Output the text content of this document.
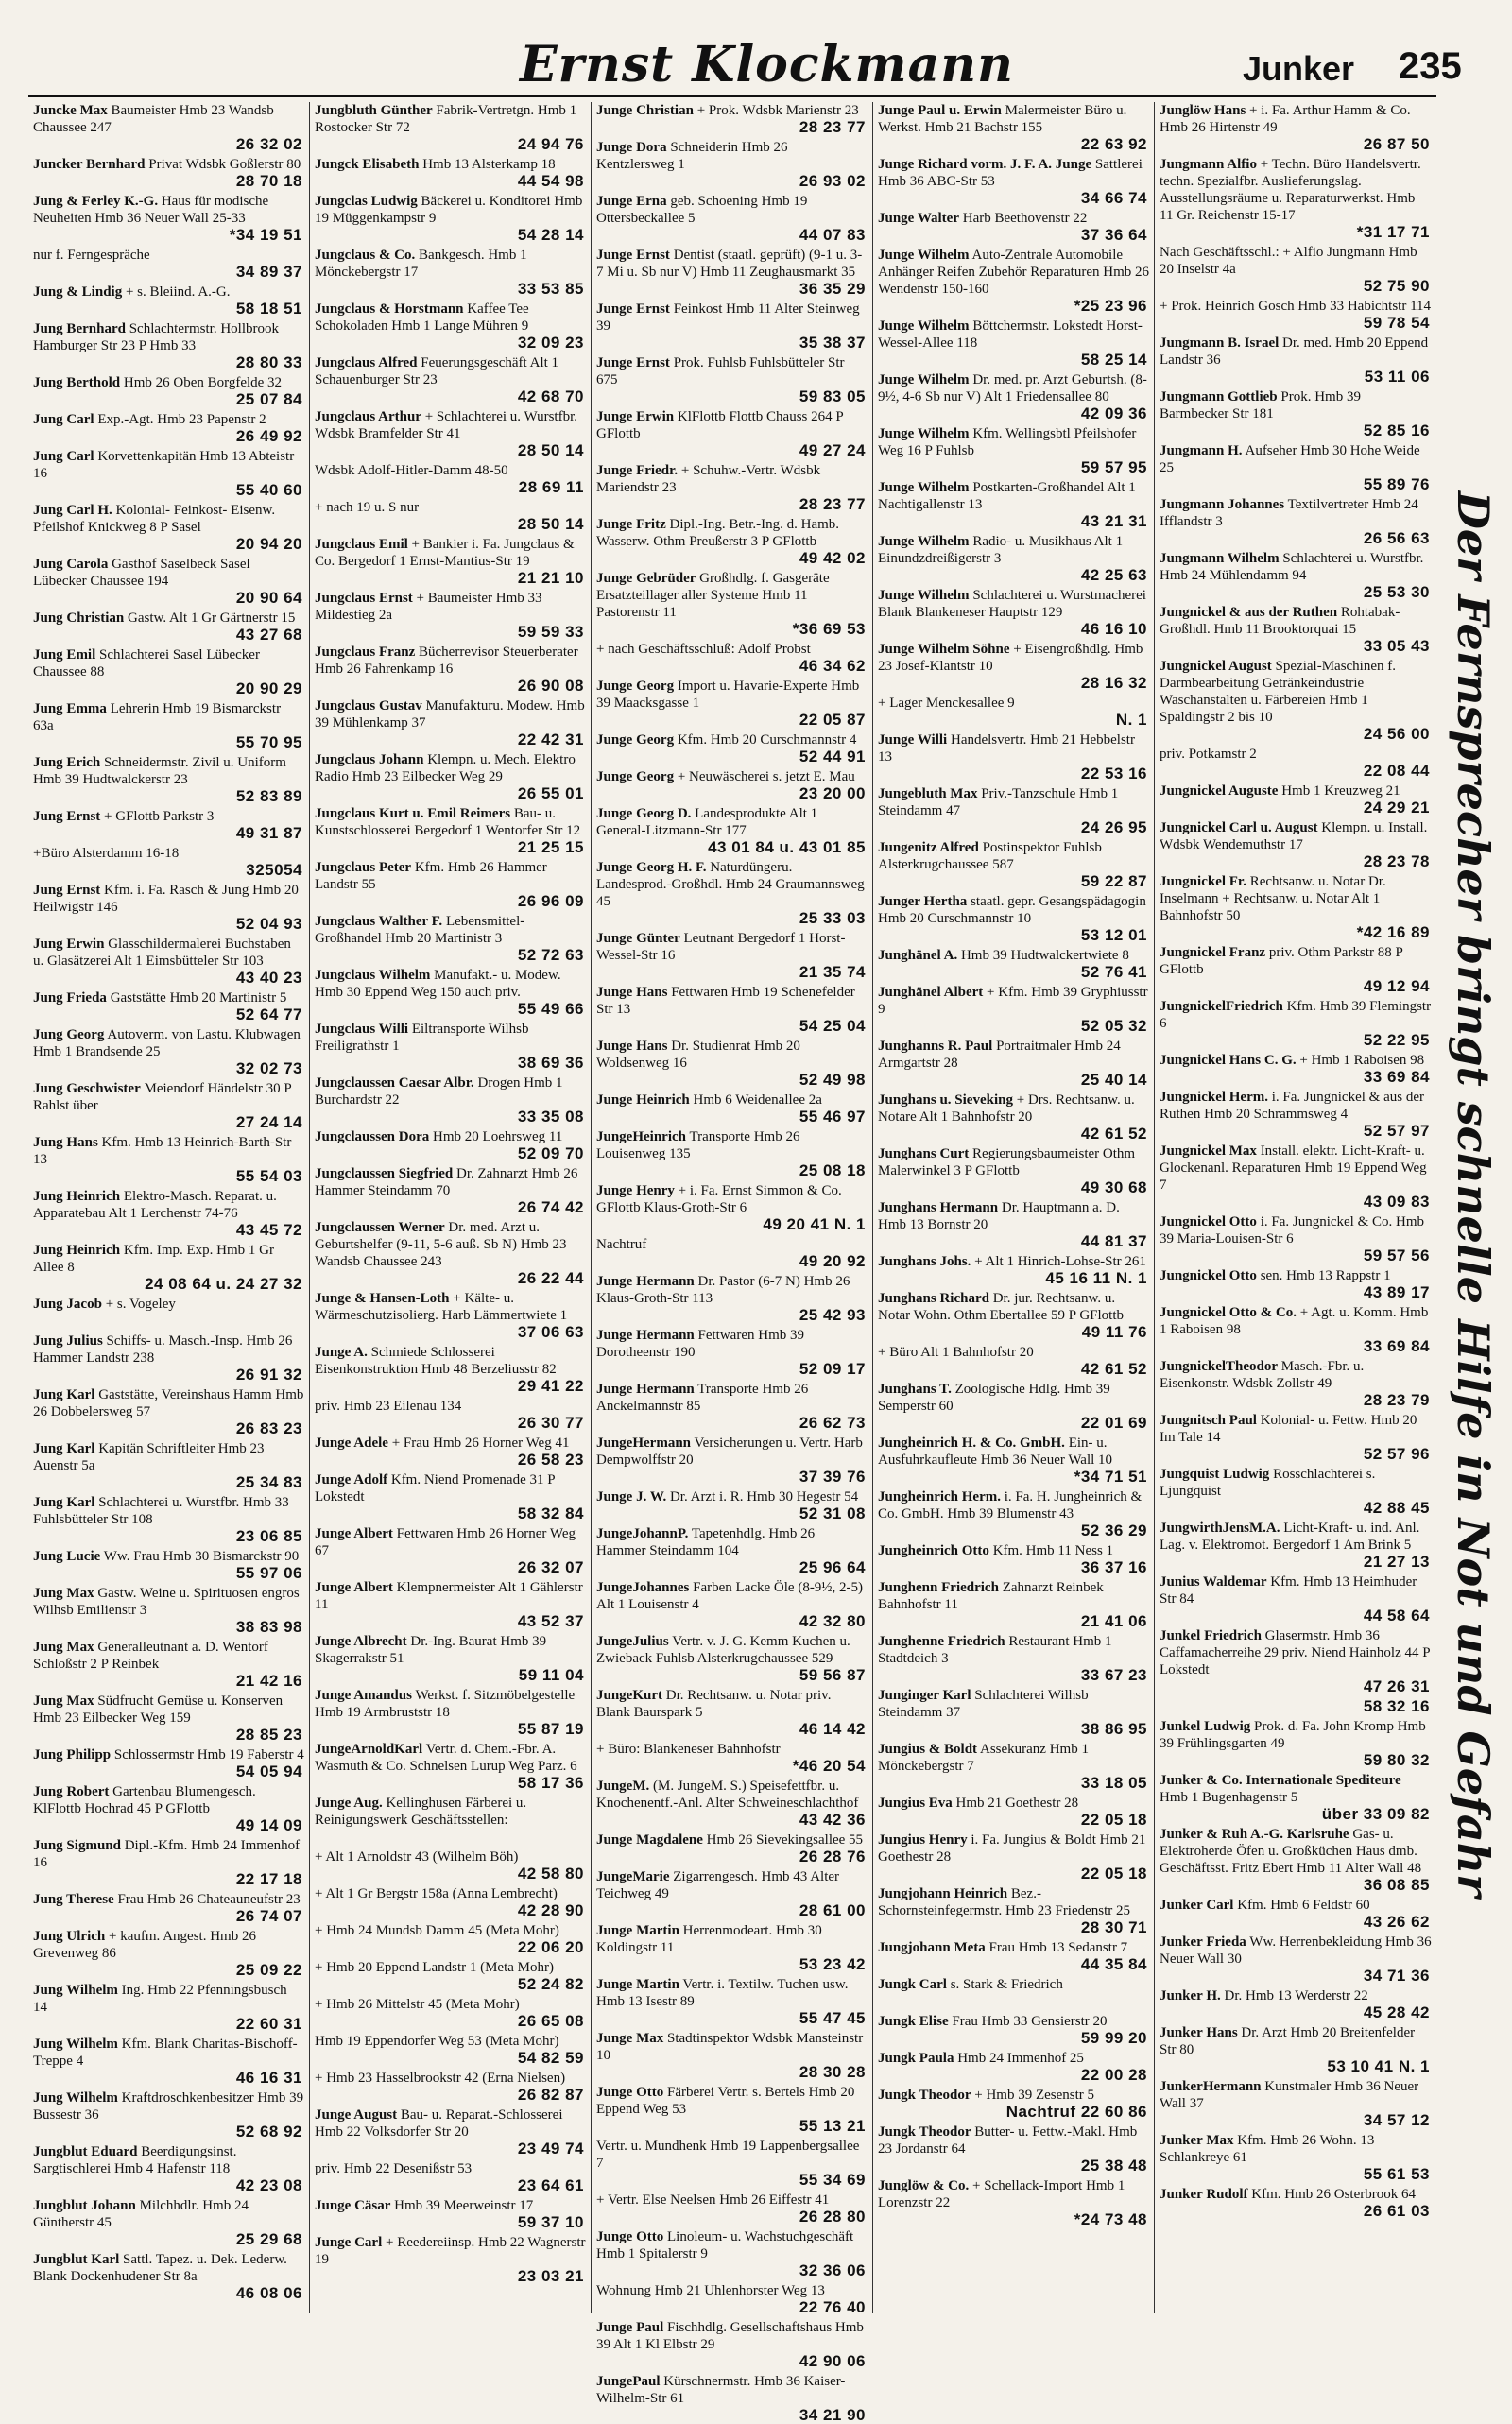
Ernst Klockmann	Junker 235
Juncke Max Baumeister Hmb 23 Wandsb Chaussee 247
26 32 02
Juncker Bernhard Privat Wdsbk Goßlerstr 80
28 70 18
Jung & Ferley K.-G. Haus für modische Neuheiten Hmb 36 Neuer Wall 25-33
*34 19 51
nur f. Ferngespräche
34 89 37
Jung & Lindig + s. Bleiind. A.-G.
58 18 51
Jung Bernhard Schlachtermstr. Hollbrook Hamburger Str 23 P Hmb 33
28 80 33
Jung Berthold Hmb 26 Oben Borgfelde 32
25 07 84
Jung Carl Exp.-Agt. Hmb 23 Papenstr 2
26 49 92
Jung Carl Korvettenkapitän Hmb 13 Abteistr 16
55 40 60
Jung Carl H. Kolonial- Feinkost- Eisenw. Pfeilshof Knickweg 8 P Sasel
20 94 20
Jung Carola Gasthof Saselbeck Sasel Lübecker Chaussee 194
20 90 64
Jung Christian Gastw. Alt 1 Gr Gärtnerstr 15
43 27 68
Jung Emil Schlachterei Sasel Lübecker Chaussee 88
20 90 29
Jung Emma Lehrerin Hmb 19 Bismarckstr 63a
55 70 95
Jung Erich Schneidermstr. Zivil u. Uniform Hmb 39 Hudtwalckerstr 23
52 83 89
Jung Ernst + GFlottb Parkstr 3
49 31 87
+Büro Alsterdamm 16-18
325054
Jung Ernst Kfm. i. Fa. Rasch & Jung Hmb 20 Heilwigstr 146
52 04 93
Jung Erwin Glasschildermalerei Buchstaben u. Glasätzerei Alt 1 Eimsbütteler Str 103
43 40 23
Jung Frieda Gaststätte Hmb 20 Martinistr 5
52 64 77
Jung Georg Autoverm. von Lastu. Klubwagen Hmb 1 Brandsende 25
32 02 73
Jung Geschwister Meiendorf Händelstr 30 P Rahlst über
27 24 14
Jung Hans Kfm. Hmb 13 Heinrich-Barth-Str 13
55 54 03
Jung Heinrich Elektro-Masch. Reparat. u. Apparatebau Alt 1 Lerchenstr 74-76
43 45 72
Jung Heinrich Kfm. Imp. Exp. Hmb 1 Gr Allee 8
24 08 64 u. 24 27 32
Jung Jacob + s. Vogeley
Jung Julius Schiffs- u. Masch.-Insp. Hmb 26 Hammer Landstr 238
26 91 32
Jung Karl Gaststätte, Vereinshaus Hamm Hmb 26 Dobbelersweg 57
26 83 23
Jung Karl Kapitän Schriftleiter Hmb 23 Auenstr 5a
25 34 83
Jung Karl Schlachterei u. Wurstfbr. Hmb 33 Fuhlsbütteler Str 108
23 06 85
Jung Lucie Ww. Frau Hmb 30 Bismarckstr 90
55 97 06
Jung Max Gastw. Weine u. Spirituosen engros Wilhsb Emilienstr 3
38 83 98
Jung Max Generalleutnant a. D. Wentorf Schloßstr 2 P Reinbek
21 42 16
Jung Max Südfrucht Gemüse u. Konserven Hmb 23 Eilbecker Weg 159
28 85 23
Jung Philipp Schlossermstr Hmb 19 Faberstr 4
54 05 94
Jung Robert Gartenbau Blumengesch. KlFlottb Hochrad 45 P GFlottb
49 14 09
Jung Sigmund Dipl.-Kfm. Hmb 24 Immenhof 16
22 17 18
Jung Therese Frau Hmb 26 Chateauneufstr 23
26 74 07
Jung Ulrich + kaufm. Angest. Hmb 26 Grevenweg 86
25 09 22
Jung Wilhelm Ing. Hmb 22 Pfenningsbusch 14
22 60 31
Jung Wilhelm Kfm. Blank Charitas-Bischoff-Treppe 4
46 16 31
Jung Wilhelm Kraftdroschkenbesitzer Hmb 39 Bussestr 36
52 68 92
Jungblut Eduard Beerdigungsinst. Sargtischlerei Hmb 4 Hafenstr 118
42 23 08
Jungblut Johann Milchhdlr. Hmb 24 Güntherstr 45
25 29 68
Jungblut Karl Sattl. Tapez. u. Dek. Lederw. Blank Dockenhudener Str 8a
46 08 06
Jungbluth Günther Fabrik-Vertretgn. Hmb 1 Rostocker Str 72
24 94 76
Jungck Elisabeth Hmb 13 Alsterkamp 18
44 54 98
Jungclas Ludwig Bäckerei u. Konditorei Hmb 19 Müggenkampstr 9
54 28 14
Jungclaus & Co. Bankgesch. Hmb 1 Mönckebergstr 17
33 53 85
Jungclaus & Horstmann Kaffee Tee Schokoladen Hmb 1 Lange Mühren 9
32 09 23
Jungclaus Alfred Feuerungsgeschäft Alt 1 Schauenburger Str 23
42 68 70
Jungclaus Arthur + Schlachterei u. Wurstfbr. Wdsbk Bramfelder Str 41
28 50 14
Wdsbk Adolf-Hitler-Damm 48-50
28 69 11
+ nach 19 u. S nur
28 50 14
Jungclaus Emil + Bankier i. Fa. Jungclaus & Co. Bergedorf 1 Ernst-Mantius-Str 19
21 21 10
Jungclaus Ernst + Baumeister Hmb 33 Mildestieg 2a
59 59 33
Jungclaus Franz Bücherrevisor Steuerberater Hmb 26 Fahrenkamp 16
26 90 08
Jungclaus Gustav Manufakturu. Modew. Hmb 39 Mühlenkamp 37
22 42 31
Jungclaus Johann Klempn. u. Mech. Elektro Radio Hmb 23 Eilbecker Weg 29
26 55 01
Jungclaus Kurt u. Emil Reimers Bau- u. Kunstschlosserei Bergedorf 1 Wentorfer Str 12
21 25 15
Jungclaus Peter Kfm. Hmb 26 Hammer Landstr 55
26 96 09
Jungclaus Walther F. Lebensmittel-Großhandel Hmb 20 Martinistr 3
52 72 63
Jungclaus Wilhelm Manufakt.- u. Modew. Hmb 30 Eppend Weg 150 auch priv.
55 49 66
Jungclaus Willi Eiltransporte Wilhsb Freiligrathstr 1
38 69 36
Jungclaussen Caesar Albr. Drogen Hmb 1 Burchardstr 22
33 35 08
Jungclaussen Dora Hmb 20 Loehrsweg 11
52 09 70
Jungclaussen Siegfried Dr. Zahnarzt Hmb 26 Hammer Steindamm 70
26 74 42
Jungclaussen Werner Dr. med. Arzt u. Geburtshelfer (9-11, 5-6 auß. Sb N) Hmb 23 Wandsb Chaussee 243
26 22 44
Junge & Hansen-Loth + Kälte- u. Wärmeschutzisolierg. Harb Lämmertwiete 1
37 06 63
Junge A. Schmiede Schlosserei Eisenkonstruktion Hmb 48 Berzeliusstr 82
29 41 22
priv. Hmb 23 Eilenau 134
26 30 77
Junge Adele + Frau Hmb 26 Horner Weg 41
26 58 23
Junge Adolf Kfm. Niend Promenade 31 P Lokstedt
58 32 84
Junge Albert Fettwaren Hmb 26 Horner Weg 67
26 32 07
Junge Albert Klempnermeister Alt 1 Gählerstr 11
43 52 37
Junge Albrecht Dr.-Ing. Baurat Hmb 39 Skagerrakstr 51
59 11 04
Junge Amandus Werkst. f. Sitzmöbelgestelle Hmb 19 Armbruststr 18
55 87 19
JungeArnoldKarl Vertr. d. Chem.-Fbr. A. Wasmuth & Co. Schnelsen Lurup Weg Parz. 6
58 17 36
Junge Aug. Kellinghusen Färberei u. Reinigungswerk Geschäftsstellen:
+ Alt 1 Arnoldstr 43 (Wilhelm Böh)
42 58 80
+ Alt 1 Gr Bergstr 158a (Anna Lembrecht)
42 28 90
+ Hmb 24 Mundsb Damm 45 (Meta Mohr)
22 06 20
+ Hmb 20 Eppend Landstr 1 (Meta Mohr)
52 24 82
+ Hmb 26 Mittelstr 45 (Meta Mohr)
26 65 08
Hmb 19 Eppendorfer Weg 53 (Meta Mohr)
54 82 59
+ Hmb 23 Hasselbrookstr 42 (Erna Nielsen)
26 82 87
Junge August Bau- u. Reparat.-Schlosserei Hmb 22 Volksdorfer Str 20
23 49 74
priv. Hmb 22 Desenißstr 53
23 64 61
Junge Cäsar Hmb 39 Meerweinstr 17
59 37 10
Junge Carl + Reedereiinsp. Hmb 22 Wagnerstr 19
23 03 21
Junge Christian + Prok. Wdsbk Marienstr 23
28 23 77
Junge Dora Schneiderin Hmb 26 Kentzlersweg 1
26 93 02
Junge Erna geb. Schoening Hmb 19 Ottersbeckallee 5
44 07 83
Junge Ernst Dentist (staatl. geprüft) (9-1 u. 3-7 Mi u. Sb nur V) Hmb 11 Zeughausmarkt 35
36 35 29
Junge Ernst Feinkost Hmb 11 Alter Steinweg 39
35 38 37
Junge Ernst Prok. Fuhlsb Fuhlsbütteler Str 675
59 83 05
Junge Erwin KlFlottb Flottb Chauss 264 P GFlottb
49 27 24
Junge Friedr. + Schuhw.-Vertr. Wdsbk Mariendstr 23
28 23 77
Junge Fritz Dipl.-Ing. Betr.-Ing. d. Hamb. Wasserw. Othm Preußerstr 3 P GFlottb
49 42 02
Junge Gebrüder Großhdlg. f. Gasgeräte Ersatzteillager aller Systeme Hmb 11 Pastorenstr 11
*36 69 53
+ nach Geschäftsschluß: Adolf Probst
46 34 62
Junge Georg Import u. Havarie-Experte Hmb 39 Maacksgasse 1
22 05 87
Junge Georg Kfm. Hmb 20 Curschmannstr 4
52 44 91
Junge Georg + Neuwäscherei s. jetzt E. Mau
23 20 00
Junge Georg D. Landesprodukte Alt 1 General-Litzmann-Str 177
43 01 84 u. 43 01 85
Junge Georg H. F. Naturdüngeru. Landesprod.-Großhdl. Hmb 24 Graumannsweg 45
25 33 03
Junge Günter Leutnant Bergedorf 1 Horst-Wessel-Str 16
21 35 74
Junge Hans Fettwaren Hmb 19 Schenefelder Str 13
54 25 04
Junge Hans Dr. Studienrat Hmb 20 Woldsenweg 16
52 49 98
Junge Heinrich Hmb 6 Weidenallee 2a
55 46 97
JungeHeinrich Transporte Hmb 26 Louisenweg 135
25 08 18
Junge Henry + i. Fa. Ernst Simmon & Co. GFlottb Klaus-Groth-Str 6
49 20 41 N. 1
Nachtruf
49 20 92
Junge Hermann Dr. Pastor (6-7 N) Hmb 26 Klaus-Groth-Str 113
25 42 93
Junge Hermann Fettwaren Hmb 39 Dorotheenstr 190
52 09 17
Junge Hermann Transporte Hmb 26 Anckelmannstr 85
26 62 73
JungeHermann Versicherungen u. Vertr. Harb Dempwolffstr 20
37 39 76
Junge J. W. Dr. Arzt i. R. Hmb 30 Hegestr 54
52 31 08
JungeJohannP. Tapetenhdlg. Hmb 26 Hammer Steindamm 104
25 96 64
JungeJohannes Farben Lacke Öle (8-9½, 2-5) Alt 1 Louisenstr 4
42 32 80
JungeJulius Vertr. v. J. G. Kemm Kuchen u. Zwieback Fuhlsb Alsterkrugchaussee 529
59 56 87
JungeKurt Dr. Rechtsanw. u. Notar priv. Blank Baurspark 5
46 14 42
+ Büro: Blankeneser Bahnhofstr
*46 20 54
JungeM. (M. JungeM. S.) Speisefettfbr. u. Knochenentf.-Anl. Alter Schweineschlachthof
43 42 36
Junge Magdalene Hmb 26 Sievekingsallee 55
26 28 76
JungeMarie Zigarrengesch. Hmb 43 Alter Teichweg 49
28 61 00
Junge Martin Herrenmodeart. Hmb 30 Koldingstr 11
53 23 42
Junge Martin Vertr. i. Textilw. Tuchen usw. Hmb 13 Isestr 89
55 47 45
Junge Max Stadtinspektor Wdsbk Mansteinstr 10
28 30 28
Junge Otto Färberei Vertr. s. Bertels Hmb 20 Eppend Weg 53
55 13 21
Vertr. u. Mundhenk Hmb 19 Lappenbergsallee 7
55 34 69
+ Vertr. Else Neelsen Hmb 26 Eiffestr 41
26 28 80
Junge Otto Linoleum- u. Wachstuchgeschäft Hmb 1 Spitalerstr 9
32 36 06
Wohnung Hmb 21 Uhlenhorster Weg 13
22 76 40
Junge Paul Fischhdlg. Gesellschaftshaus Hmb 39 Alt 1 Kl Elbstr 29
42 90 06
JungePaul Kürschnermstr. Hmb 36 Kaiser-Wilhelm-Str 61
34 21 90
Junge Paul u. Erwin Malermeister Büro u. Werkst. Hmb 21 Bachstr 155
22 63 92
Junge Richard vorm. J. F. A. Junge Sattlerei Hmb 36 ABC-Str 53
34 66 74
Junge Walter Harb Beethovenstr 22
37 36 64
Junge Wilhelm Auto-Zentrale Automobile Anhänger Reifen Zubehör Reparaturen Hmb 26 Wendenstr 150-160
*25 23 96
Junge Wilhelm Böttchermstr. Lokstedt Horst-Wessel-Allee 118
58 25 14
Junge Wilhelm Dr. med. pr. Arzt Geburtsh. (8-9½, 4-6 Sb nur V) Alt 1 Friedensallee 80
42 09 36
Junge Wilhelm Kfm. Wellingsbtl Pfeilshofer Weg 16 P Fuhlsb
59 57 95
Junge Wilhelm Postkarten-Großhandel Alt 1 Nachtigallenstr 13
43 21 31
Junge Wilhelm Radio- u. Musikhaus Alt 1 Einundzdreißigerstr 3
42 25 63
Junge Wilhelm Schlachterei u. Wurstmacherei Blank Blankeneser Hauptstr 129
46 16 10
Junge Wilhelm Söhne + Eisengroßhdlg. Hmb 23 Josef-Klantstr 10
28 16 32
+ Lager Menckesallee 9
N. 1
Junge Willi Handelsvertr. Hmb 21 Hebbelstr 13
22 53 16
Jungebluth Max Priv.-Tanzschule Hmb 1 Steindamm 47
24 26 95
Jungenitz Alfred Postinspektor Fuhlsb Alsterkrugchaussee 587
59 22 87
Junger Hertha staatl. gepr. Gesangspädagogin Hmb 20 Curschmannstr 10
53 12 01
Junghänel A. Hmb 39 Hudtwalckertwiete 8
52 76 41
Junghänel Albert + Kfm. Hmb 39 Gryphiusstr 9
52 05 32
Junghanns R. Paul Portraitmaler Hmb 24 Armgartstr 28
25 40 14
Junghans u. Sieveking + Drs. Rechtsanw. u. Notare Alt 1 Bahnhofstr 20
42 61 52
Junghans Curt Regierungsbaumeister Othm Malerwinkel 3 P GFlottb
49 30 68
Junghans Hermann Dr. Hauptmann a. D. Hmb 13 Bornstr 20
44 81 37
Junghans Johs. + Alt 1 Hinrich-Lohse-Str 261
45 16 11 N. 1
Junghans Richard Dr. jur. Rechtsanw. u. Notar Wohn. Othm Ebertallee 59 P GFlottb
49 11 76
+ Büro Alt 1 Bahnhofstr 20
42 61 52
Junghans T. Zoologische Hdlg. Hmb 39 Semperstr 60
22 01 69
Jungheinrich H. & Co. GmbH. Ein- u. Ausfuhrkaufleute Hmb 36 Neuer Wall 10
*34 71 51
Jungheinrich Herm. i. Fa. H. Jungheinrich & Co. GmbH. Hmb 39 Blumenstr 43
52 36 29
Jungheinrich Otto Kfm. Hmb 11 Ness 1
36 37 16
Junghenn Friedrich Zahnarzt Reinbek Bahnhofstr 11
21 41 06
Junghenne Friedrich Restaurant Hmb 1 Stadtdeich 3
33 67 23
Junginger Karl Schlachterei Wilhsb Steindamm 37
38 86 95
Jungius & Boldt Assekuranz Hmb 1 Mönckebergstr 7
33 18 05
Jungius Eva Hmb 21 Goethestr 28
22 05 18
Jungius Henry i. Fa. Jungius & Boldt Hmb 21 Goethestr 28
22 05 18
Jungjohann Heinrich Bez.-Schornsteinfegermstr. Hmb 23 Friedenstr 25
28 30 71
Jungjohann Meta Frau Hmb 13 Sedanstr 7
44 35 84
Jungk Carl s. Stark & Friedrich
Jungk Elise Frau Hmb 33 Gensierstr 20
59 99 20
Jungk Paula Hmb 24 Immenhof 25
22 00 28
Jungk Theodor + Hmb 39 Zesenstr 5
Nachtruf 22 60 86
Jungk Theodor Butter- u. Fettw.-Makl. Hmb 23 Jordanstr 64
25 38 48
Junglöw & Co. + Schellack-Import Hmb 1 Lorenzstr 22
*24 73 48
Junglöw Hans + i. Fa. Arthur Hamm & Co. Hmb 26 Hirtenstr 49
26 87 50
Jungmann Alfio + Techn. Büro Handelsvertr. techn. Spezialfbr. Auslieferungslag. Ausstellungsräume u. Reparaturwerkst. Hmb 11 Gr. Reichenstr 15-17
*31 17 71
Nach Geschäftsschl.: + Alfio Jungmann Hmb 20 Inselstr 4a
52 75 90
+ Prok. Heinrich Gosch Hmb 33 Habichtstr 114
59 78 54
Jungmann B. Israel Dr. med. Hmb 20 Eppend Landstr 36
53 11 06
Jungmann Gottlieb Prok. Hmb 39 Barmbecker Str 181
52 85 16
Jungmann H. Aufseher Hmb 30 Hohe Weide 25
55 89 76
Jungmann Johannes Textilvertreter Hmb 24 Ifflandstr 3
26 56 63
Jungmann Wilhelm Schlachterei u. Wurstfbr. Hmb 24 Mühlendamm 94
25 53 30
Jungnickel & aus der Ruthen Rohtabak-Großhdl. Hmb 11 Brooktorquai 15
33 05 43
Jungnickel August Spezial-Maschinen f. Darmbearbeitung Getränkeindustrie Waschanstalten u. Färbereien Hmb 1 Spaldingstr 2 bis 10
24 56 00
priv. Potkamstr 2
22 08 44
Jungnickel Auguste Hmb 1 Kreuzweg 21
24 29 21
Jungnickel Carl u. August Klempn. u. Install. Wdsbk Wendemuthstr 17
28 23 78
Jungnickel Fr. Rechtsanw. u. Notar Dr. Inselmann + Rechtsanw. u. Notar Alt 1 Bahnhofstr 50
*42 16 89
Jungnickel Franz priv. Othm Parkstr 88 P GFlottb
49 12 94
JungnickelFriedrich Kfm. Hmb 39 Flemingstr 6
52 22 95
Jungnickel Hans C. G. + Hmb 1 Raboisen 98
33 69 84
Jungnickel Herm. i. Fa. Jungnickel & aus der Ruthen Hmb 20 Schrammsweg 4
52 57 97
Jungnickel Max Install. elektr. Licht-Kraft- u. Glockenanl. Reparaturen Hmb 19 Eppend Weg 7
43 09 83
Jungnickel Otto i. Fa. Jungnickel & Co. Hmb 39 Maria-Louisen-Str 6
59 57 56
Jungnickel Otto sen. Hmb 13 Rappstr 1
43 89 17
Jungnickel Otto & Co. + Agt. u. Komm. Hmb 1 Raboisen 98
33 69 84
JungnickelTheodor Masch.-Fbr. u. Eisenkonstr. Wdsbk Zollstr 49
28 23 79
Jungnitsch Paul Kolonial- u. Fettw. Hmb 20 Im Tale 14
52 57 96
Jungquist Ludwig Rosschlachterei s. Ljungquist
42 88 45
JungwirthJensM.A. Licht-Kraft- u. ind. Anl. Lag. v. Elektromot. Bergedorf 1 Am Brink 5
21 27 13
Junius Waldemar Kfm. Hmb 13 Heimhuder Str 84
44 58 64
Junkel Friedrich Glasermstr. Hmb 36 Caffamacherreihe 29 priv. Niend Hainholz 44 P Lokstedt
47 26 31
58 32 16
Junkel Ludwig Prok. d. Fa. John Kromp Hmb 39 Frühlingsgarten 49
59 80 32
Junker & Co. Internationale Spediteure Hmb 1 Bugenhagenstr 5
über 33 09 82
Junker & Ruh A.-G. Karlsruhe Gas- u. Elektroherde Öfen u. Großküchen Haus dmb. Geschäftsst. Fritz Ebert Hmb 11 Alter Wall 48
36 08 85
Junker Carl Kfm. Hmb 6 Feldstr 60
43 26 62
Junker Frieda Ww. Herrenbekleidung Hmb 36 Neuer Wall 30
34 71 36
Junker H. Dr. Hmb 13 Werderstr 22
45 28 42
Junker Hans Dr. Arzt Hmb 20 Breitenfelder Str 80
53 10 41 N. 1
JunkerHermann Kunstmaler Hmb 36 Neuer Wall 37
34 57 12
Junker Max Kfm. Hmb 26 Wohn. 13 Schlankreye 61
55 61 53
Junker Rudolf Kfm. Hmb 26 Osterbrook 64
26 61 03
Der Fernsprecher bringt schnelle Hilfe in Not und Gefahr
